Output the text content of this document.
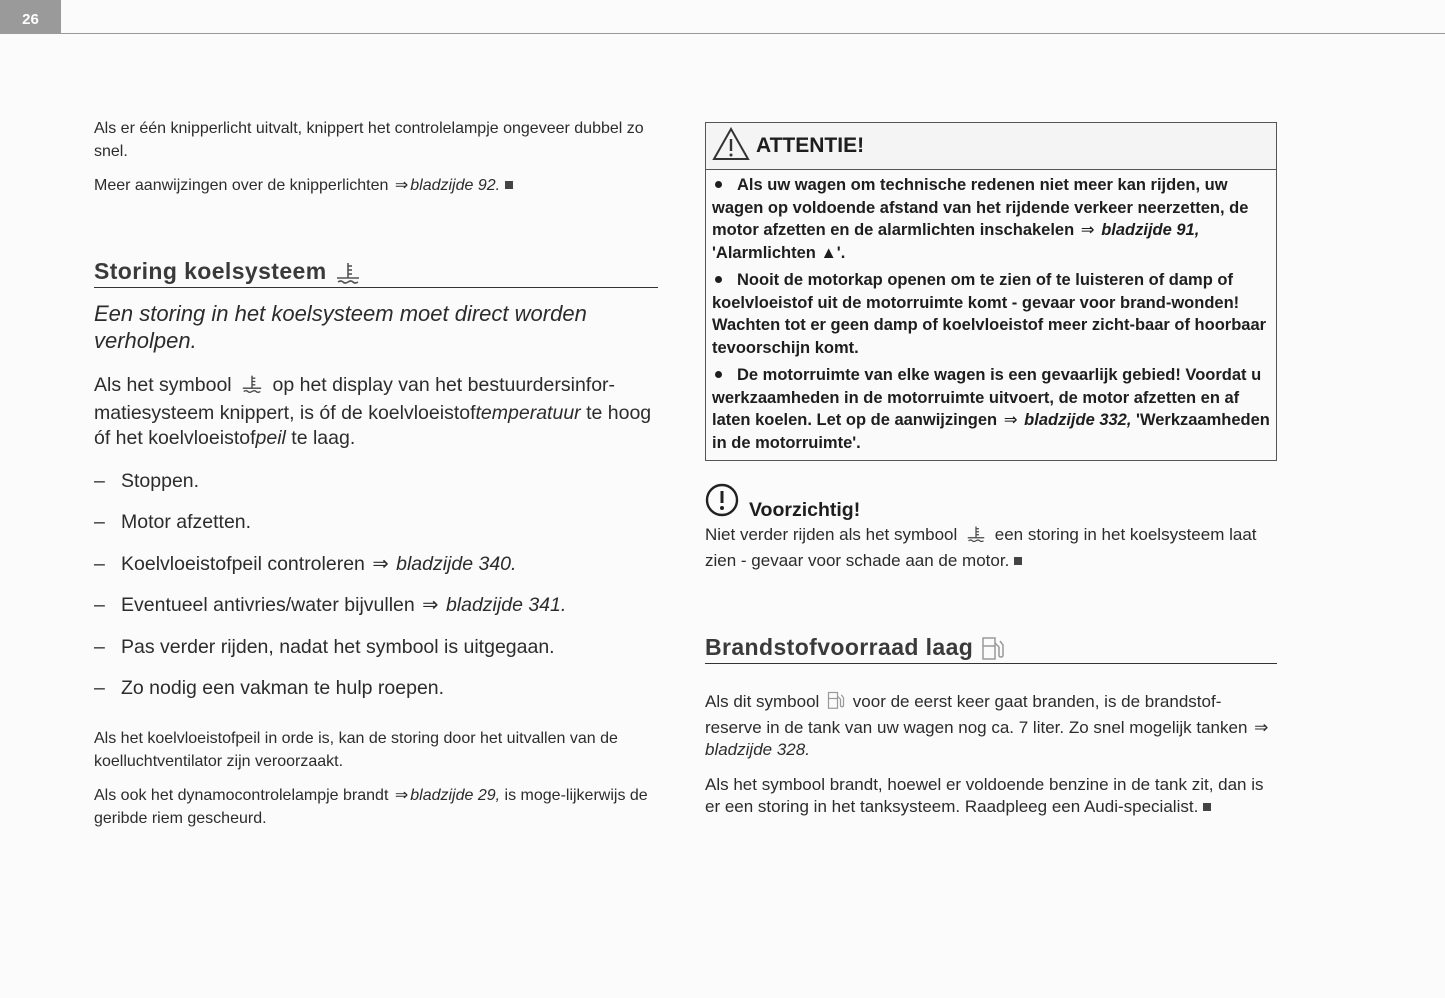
26

Als er één knipperlicht uitvalt, knippert het controlelampje ongeveer dubbel zo snel.

Meer aanwijzingen over de knipperlichten ⇒ bladzijde 92.

Storing koelsysteem

Een storing in het koelsysteem moet direct worden verholpen.

Als het symbool op het display van het bestuurdersinfor-matiesysteem knippert, is óf de koelvloeistoftemperatuur te hoog óf het koelvloeistofpeil te laag.

– Stoppen.
– Motor afzetten.
– Koelvloeistofpeil controleren ⇒ bladzijde 340.
– Eventueel antivries/water bijvullen ⇒ bladzijde 341.
– Pas verder rijden, nadat het symbool is uitgegaan.
– Zo nodig een vakman te hulp roepen.

Als het koelvloeistofpeil in orde is, kan de storing door het uitvallen van de koelluchtventilator zijn veroorzaakt.

Als ook het dynamocontrolelampje brandt ⇒ bladzijde 29, is moge-lijkerwijs de geribde riem gescheurd.

ATTENTIE!

Als uw wagen om technische redenen niet meer kan rijden, uw wagen op voldoende afstand van het rijdende verkeer neerzetten, de motor afzetten en de alarmlichten inschakelen ⇒ bladzijde 91, 'Alarmlichten ▲'.

Nooit de motorkap openen om te zien of te luisteren of damp of koelvloeistof uit de motorruimte komt - gevaar voor brand-wonden! Wachten tot er geen damp of koelvloeistof meer zicht-baar of hoorbaar tevoorschijn komt.

De motorruimte van elke wagen is een gevaarlijk gebied! Voordat u werkzaamheden in de motorruimte uitvoert, de motor afzetten en af laten koelen. Let op de aanwijzingen ⇒ bladzijde 332, 'Werkzaamheden in de motorruimte'.

Voorzichtig!

Niet verder rijden als het symbool een storing in het koelsysteem laat zien - gevaar voor schade aan de motor.

Brandstofvoorraad laag

Als dit symbool voor de eerst keer gaat branden, is de brandstof-reserve in de tank van uw wagen nog ca. 7 liter. Zo snel mogelijk tanken ⇒ bladzijde 328.

Als het symbool brandt, hoewel er voldoende benzine in de tank zit, dan is er een storing in het tanksysteem. Raadpleeg een Audi-specialist.
